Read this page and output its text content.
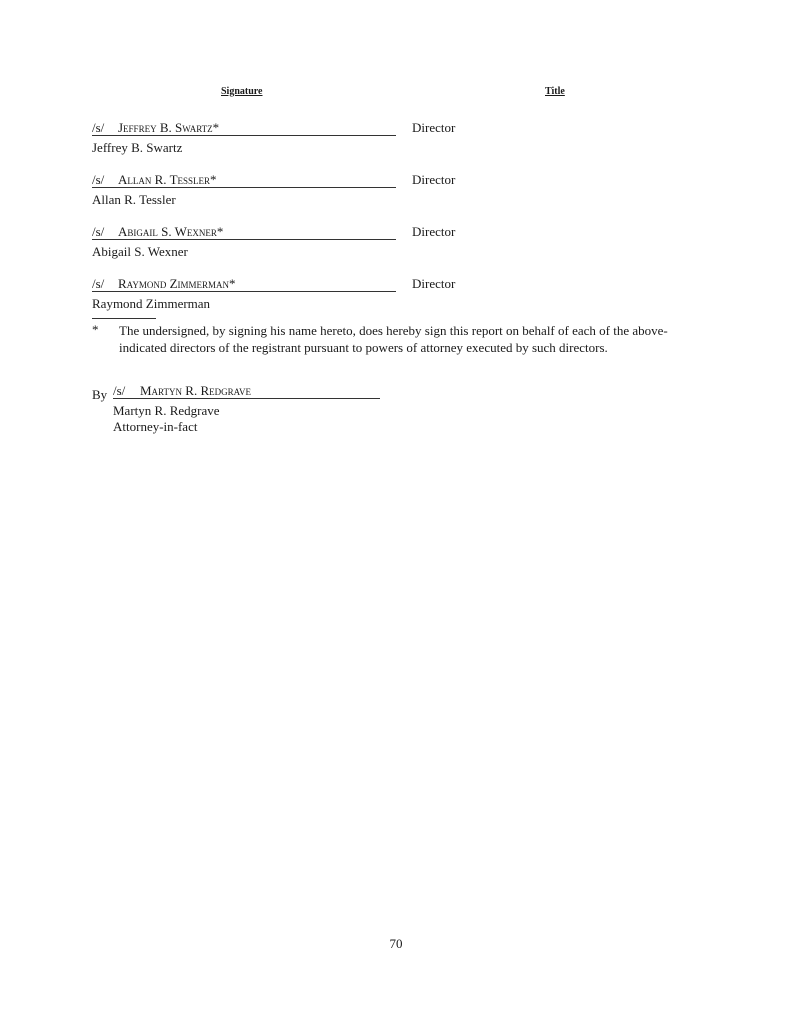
Signature	Title
/s/ Jeffrey B. Swartz*	Director
Jeffrey B. Swartz
/s/ Allan R. Tessler*	Director
Allan R. Tessler
/s/ Abigail S. Wexner*	Director
Abigail S. Wexner
/s/ Raymond Zimmerman*	Director
Raymond Zimmerman
* The undersigned, by signing his name hereto, does hereby sign this report on behalf of each of the above-indicated directors of the registrant pursuant to powers of attorney executed by such directors.
By /s/ Martyn R. Redgrave
Martyn R. Redgrave
Attorney-in-fact
70
